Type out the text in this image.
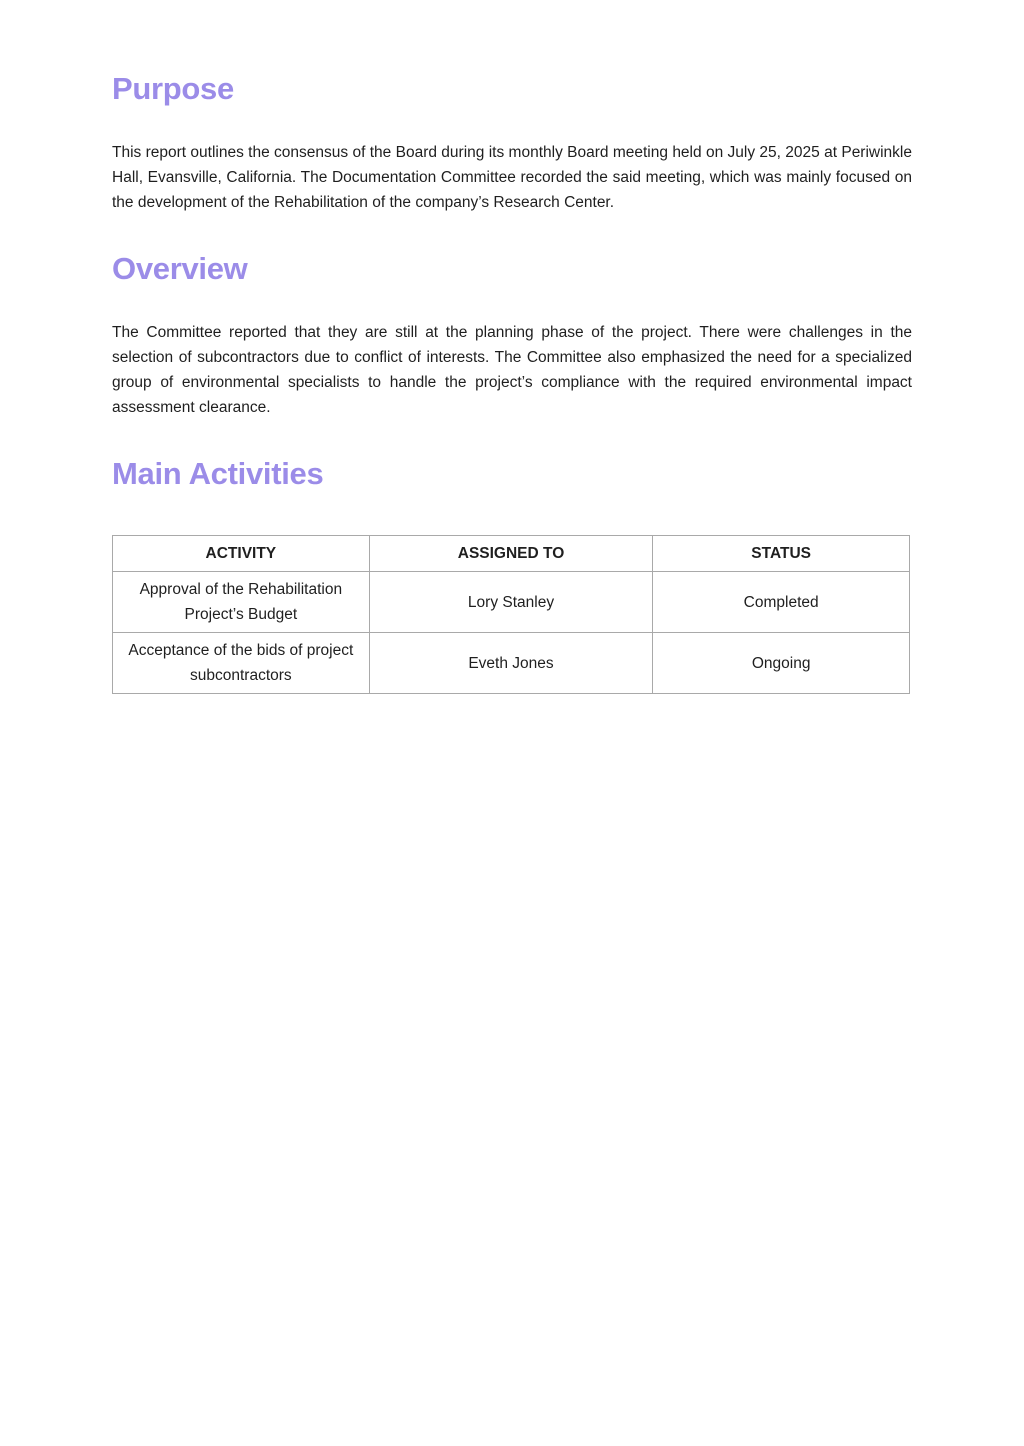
Purpose

This report outlines the consensus of the Board during its monthly Board meeting held on July 25, 2025 at Periwinkle Hall, Evansville, California. The Documentation Committee recorded the said meeting, which was mainly focused on the development of the Rehabilitation of the company’s Research Center.

Overview

The Committee reported that they are still at the planning phase of the project. There were challenges in the selection of subcontractors due to conflict of interests. The Committee also emphasized the need for a specialized group of environmental specialists to handle the project’s compliance with the required environmental impact assessment clearance.

Main Activities
ACTIVITY	ASSIGNED TO	STATUS
Approval of the Rehabilitation Project’s Budget	Lory Stanley	Completed
Acceptance of the bids of project subcontractors	Eveth Jones	Ongoing
